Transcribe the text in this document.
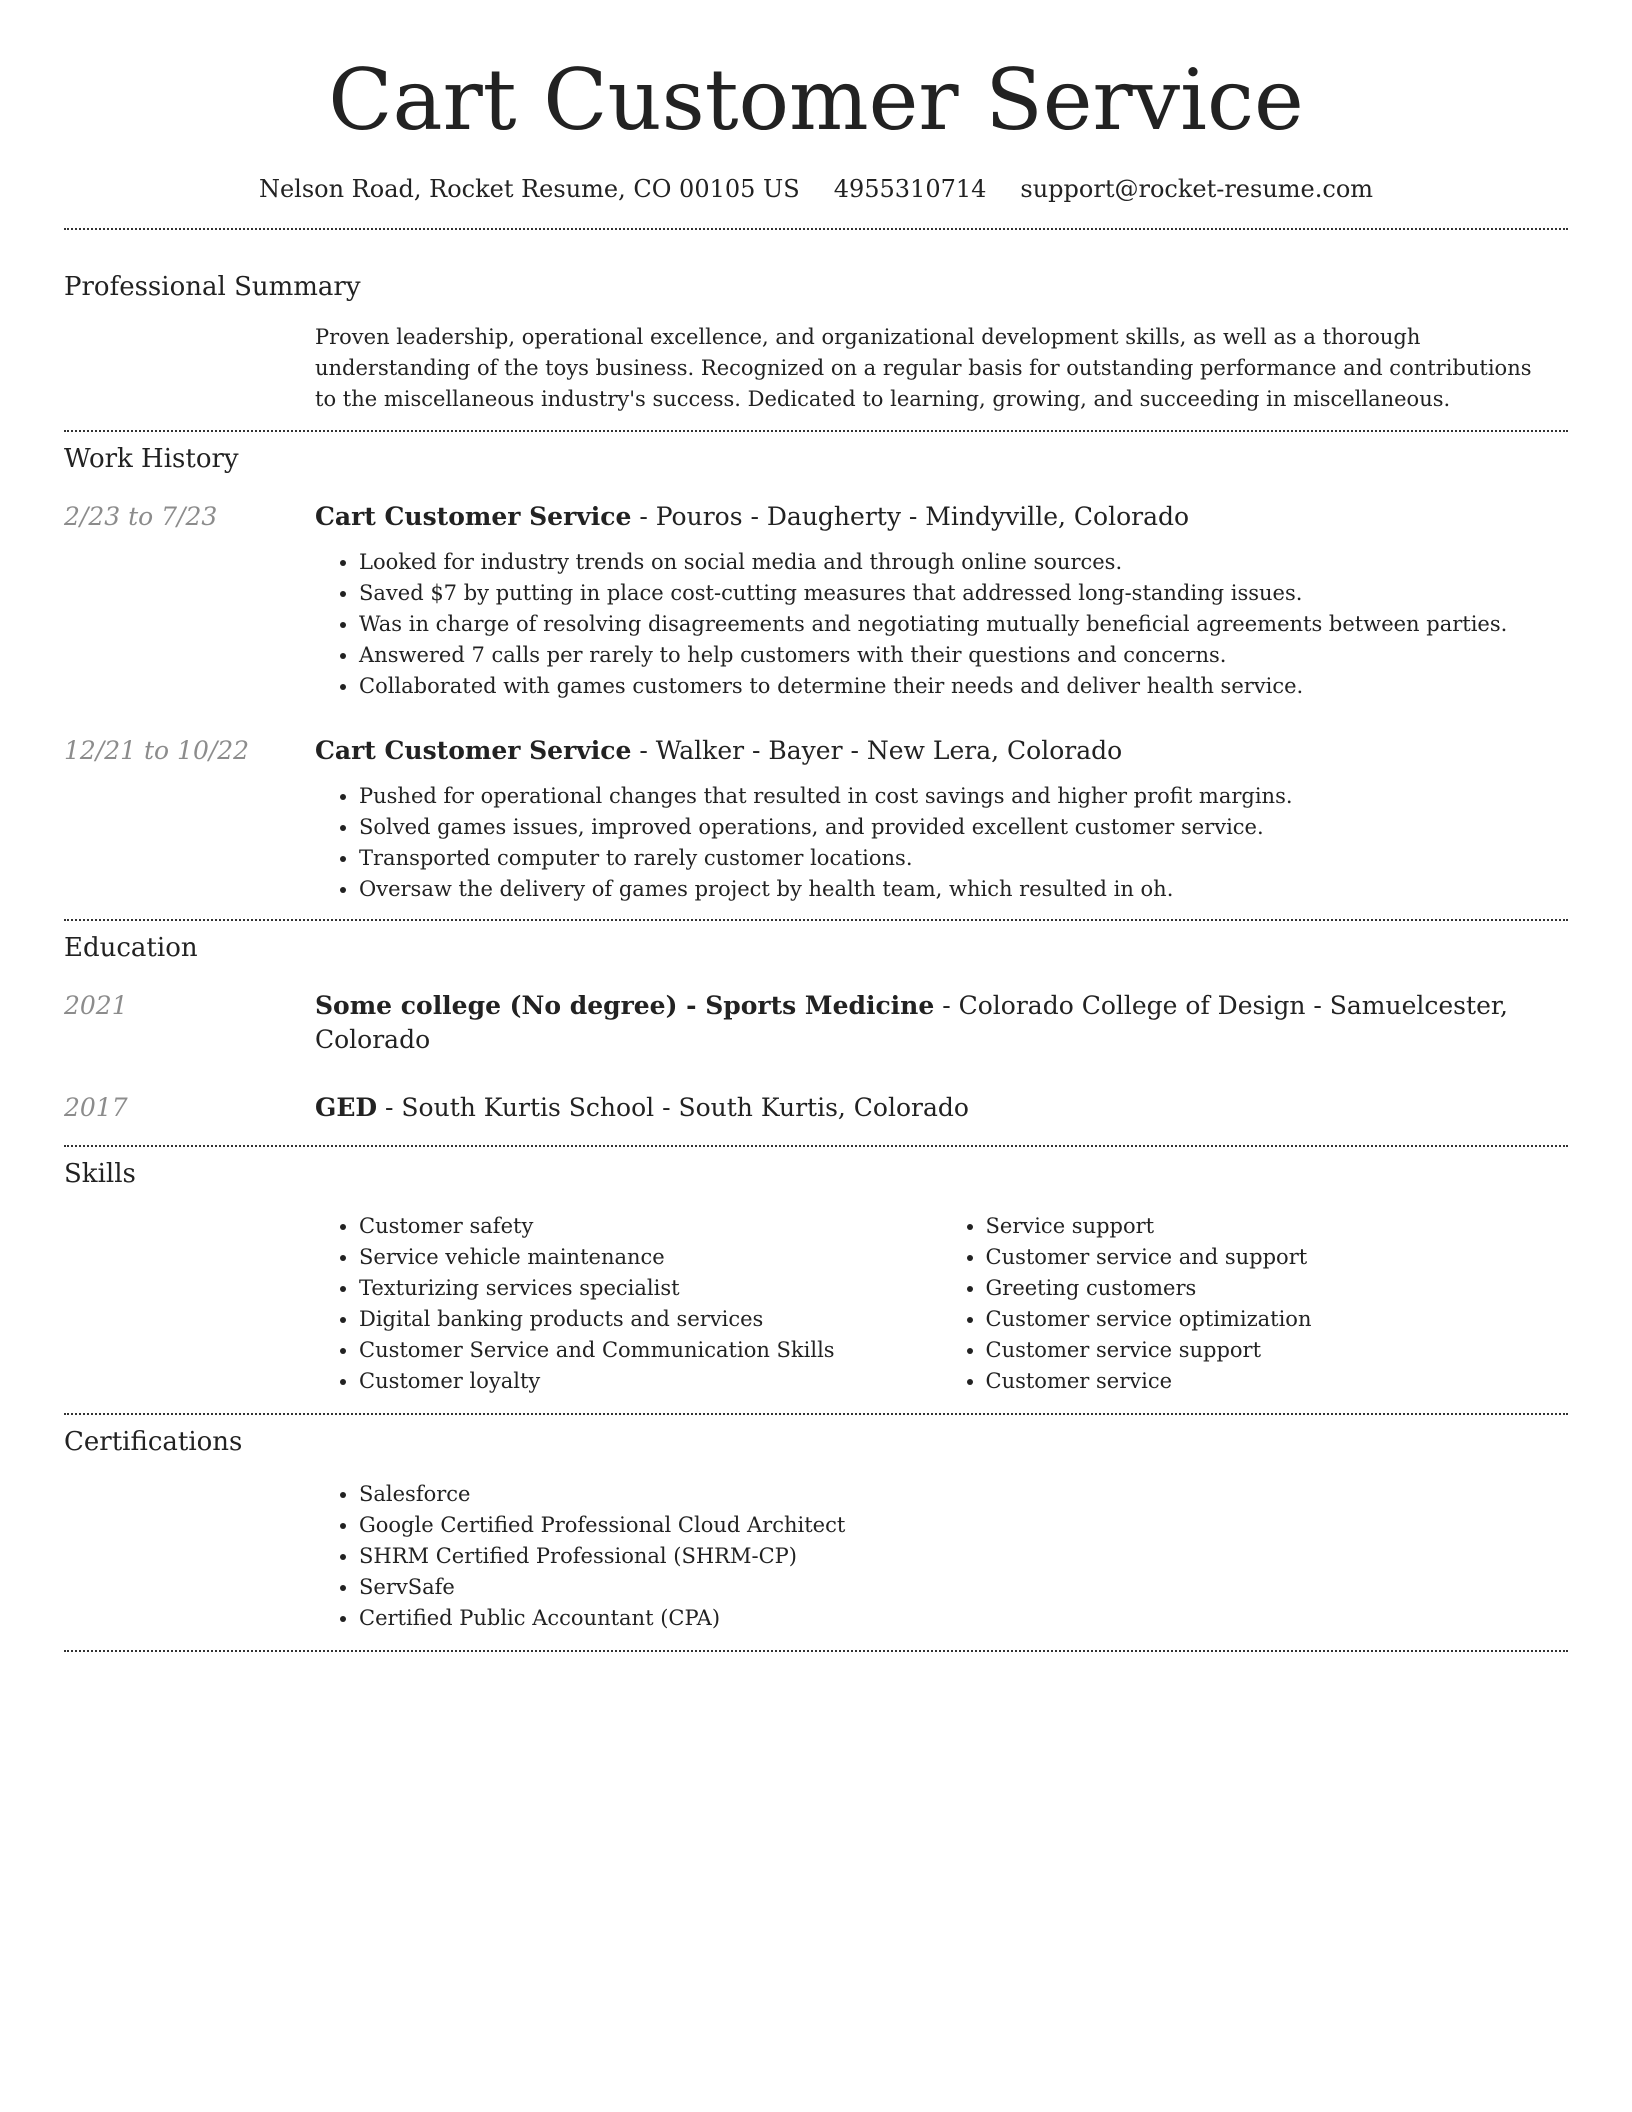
Cart Customer Service
Nelson Road, Rocket Resume, CO 00105 US 4955310714 support@rocket-resume.com
Professional Summary

Proven leadership, operational excellence, and organizational development skills, as well as a thorough understanding of the toys business. Recognized on a regular basis for outstanding performance and contributions to the miscellaneous industry's success. Dedicated to learning, growing, and succeeding in miscellaneous.

Work History
2/23 to 7/23	Cart Customer Service - Pouros - Daugherty - Mindyville, Colorado

• Looked for industry trends on social media and through online sources.
• Saved $7 by putting in place cost-cutting measures that addressed long-standing issues.
• Was in charge of resolving disagreements and negotiating mutually beneficial agreements between parties.
• Answered 7 calls per rarely to help customers with their questions and concerns.
• Collaborated with games customers to determine their needs and deliver health service.
12/21 to 10/22	Cart Customer Service - Walker - Bayer - New Lera, Colorado

• Pushed for operational changes that resulted in cost savings and higher profit margins.
• Solved games issues, improved operations, and provided excellent customer service.
• Transported computer to rarely customer locations.
• Oversaw the delivery of games project by health team, which resulted in oh.
Education
2021	Some college (No degree) - Sports Medicine - Colorado College of Design - Samuelcester, Colorado

2017	GED - South Kurtis School - South Kurtis, Colorado

Skills
• Customer safety
• Service vehicle maintenance
• Texturizing services specialist
• Digital banking products and services
• Customer Service and Communication Skills
• Customer loyalty
• Service support
• Customer service and support
• Greeting customers
• Customer service optimization
• Customer service support
• Customer service
Certifications
• Salesforce
• Google Certified Professional Cloud Architect
• SHRM Certified Professional (SHRM-CP)
• ServSafe
• Certified Public Accountant (CPA)
